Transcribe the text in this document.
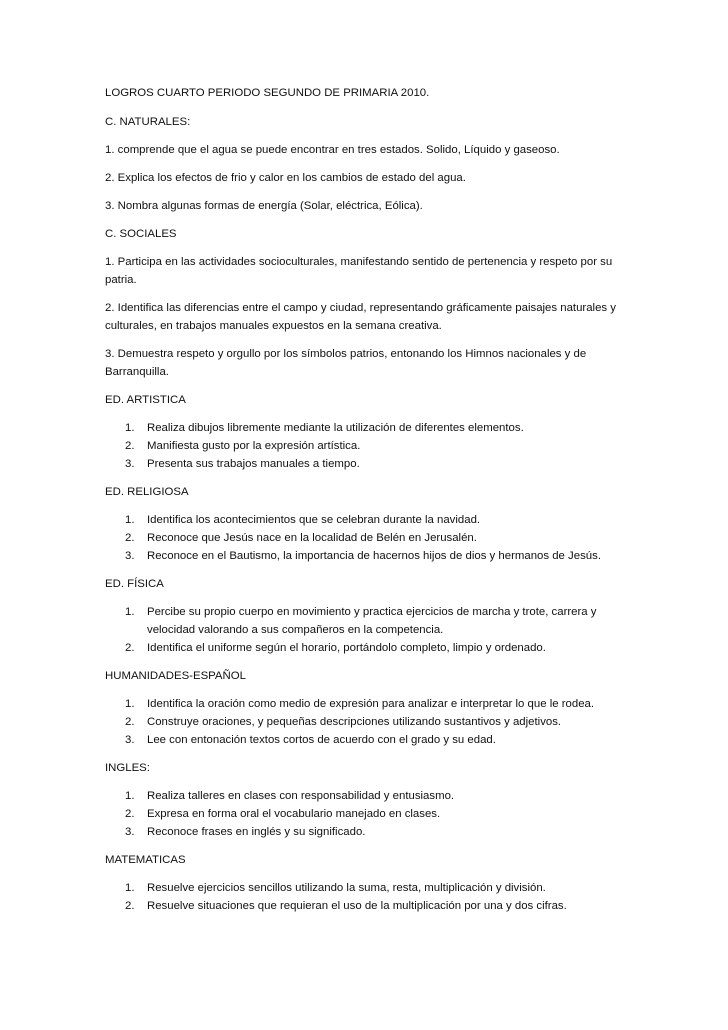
LOGROS CUARTO PERIODO SEGUNDO DE PRIMARIA 2010.

C. NATURALES:

1. comprende que el agua se puede encontrar en tres estados. Solido, Líquido y gaseoso.

2. Explica los efectos de frio y calor en los cambios de estado del agua.

3. Nombra algunas formas de energía (Solar, eléctrica, Eólica).

C. SOCIALES

1. Participa en las actividades socioculturales, manifestando sentido de pertenencia y respeto por su patria.

2. Identifica las diferencias entre el campo y ciudad, representando gráficamente paisajes naturales y culturales, en trabajos manuales expuestos en la semana creativa.

3. Demuestra respeto y orgullo por los símbolos patrios, entonando los Himnos nacionales y de Barranquilla.

ED. ARTISTICA

1. Realiza dibujos libremente mediante la utilización de diferentes elementos.
2. Manifiesta gusto por la expresión artística.
3. Presenta sus trabajos manuales a tiempo.

ED. RELIGIOSA

1. Identifica los acontecimientos que se celebran durante la navidad.
2. Reconoce que Jesús nace en la localidad de Belén en Jerusalén.
3. Reconoce en el Bautismo, la importancia de hacernos hijos de dios y hermanos de Jesús.

ED. FÍSICA

1. Percibe su propio cuerpo en movimiento y practica ejercicios de marcha y trote, carrera y velocidad valorando a sus compañeros en la competencia.
2. Identifica el uniforme según el horario, portándolo completo, limpio y ordenado.

HUMANIDADES-ESPAÑOL

1. Identifica la oración como medio de expresión para analizar e interpretar lo que le rodea.
2. Construye oraciones, y pequeñas descripciones utilizando sustantivos y adjetivos.
3. Lee con entonación textos cortos de acuerdo con el grado y su edad.

INGLES:

1. Realiza talleres en clases con responsabilidad y entusiasmo.
2. Expresa en forma oral el vocabulario manejado en clases.
3. Reconoce frases en inglés y su significado.

MATEMATICAS

1. Resuelve ejercicios sencillos utilizando la suma, resta, multiplicación y división.
2. Resuelve situaciones que requieran el uso de la multiplicación por una y dos cifras.
